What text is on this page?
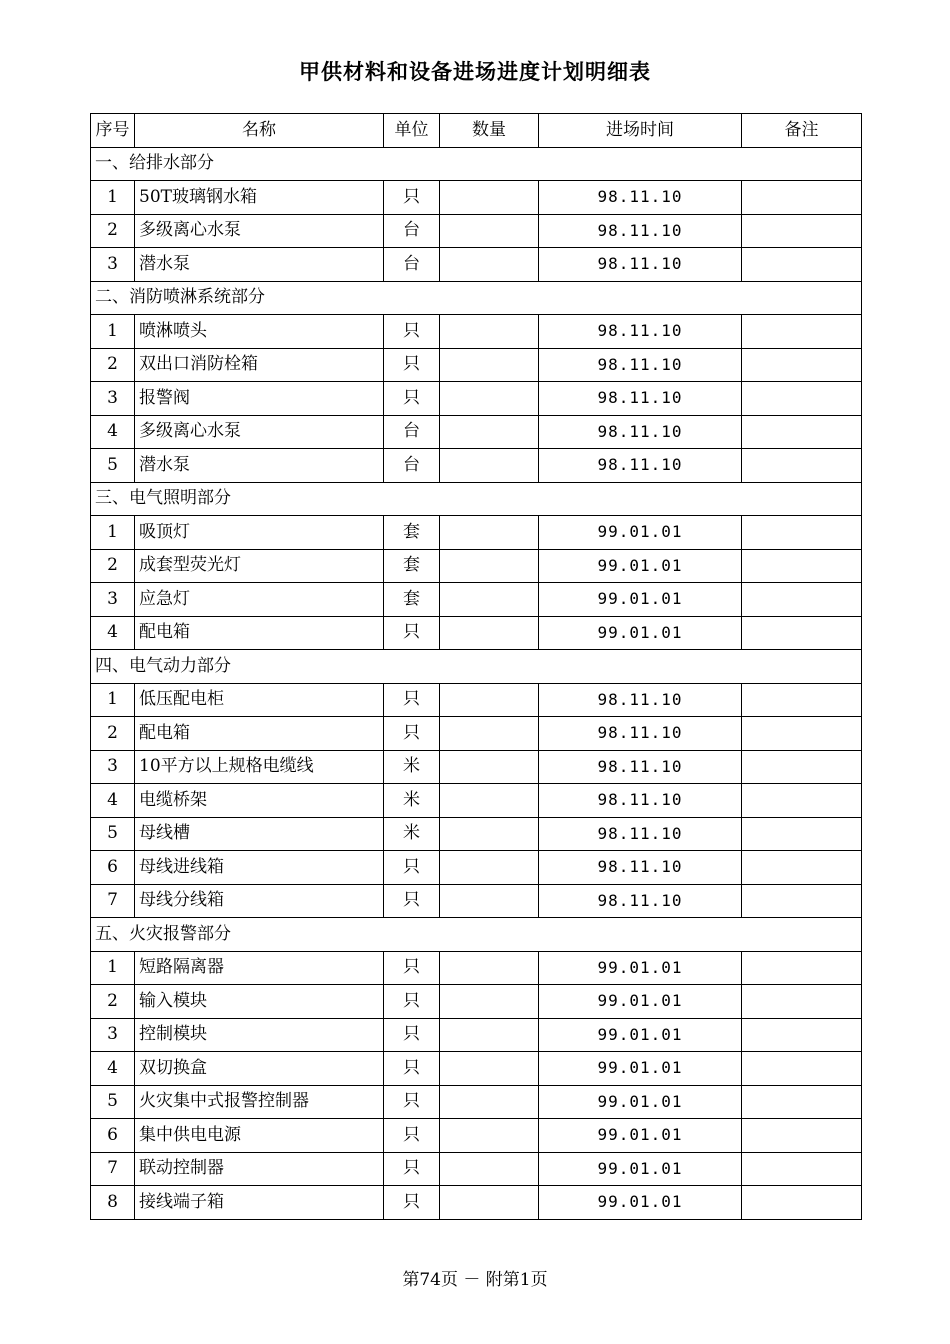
甲供材料和设备进场进度计划明细表
序号	名称	单位	数量	进场时间	备注
一、给排水部分					
1	50T玻璃钢水箱	只		98.11.10	
2	多级离心水泵	台		98.11.10	
3	潜水泵	台		98.11.10	
二、消防喷淋系统部分					
1	喷淋喷头	只		98.11.10	
2	双出口消防栓箱	只		98.11.10	
3	报警阀	只		98.11.10	
4	多级离心水泵	台		98.11.10	
5	潜水泵	台		98.11.10	
三、电气照明部分					
1	吸顶灯	套		99.01.01	
2	成套型荧光灯	套		99.01.01	
3	应急灯	套		99.01.01	
4	配电箱	只		99.01.01	
四、电气动力部分					
1	低压配电柜	只		98.11.10	
2	配电箱	只		98.11.10	
3	10平方以上规格电缆线	米		98.11.10	
4	电缆桥架	米		98.11.10	
5	母线槽	米		98.11.10	
6	母线进线箱	只		98.11.10	
7	母线分线箱	只		98.11.10	
五、火灾报警部分					
1	短路隔离器	只		99.01.01	
2	输入模块	只		99.01.01	
3	控制模块	只		99.01.01	
4	双切换盒	只		99.01.01	
5	火灾集中式报警控制器	只		99.01.01	
6	集中供电电源	只		99.01.01	
7	联动控制器	只		99.01.01	
8	接线端子箱	只		99.01.01	
第74页 － 附第1页
